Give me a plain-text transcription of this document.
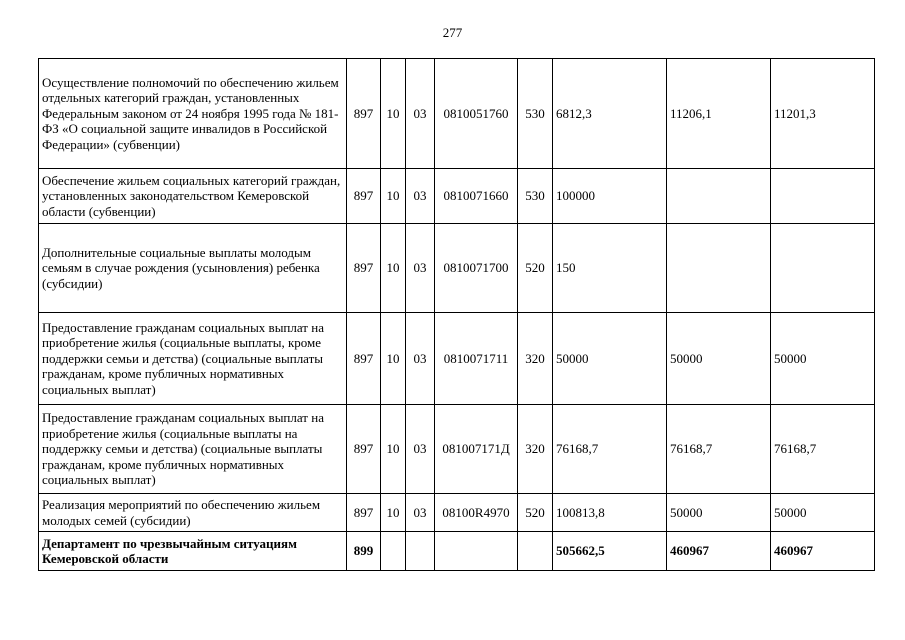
277
Осуществление полномочий по обеспечению жильем отдельных категорий граждан, установленных Федеральным законом от 24 ноября 1995 года № 181-ФЗ «О социальной защите инвалидов в Российской Федерации» (субвенции)	897	10	03	0810051760	530	6812,3	11206,1	11201,3
Обеспечение жильем социальных категорий граждан, установленных законодательством Кемеровской области (субвенции)	897	10	03	0810071660	530	100000		
Дополнительные социальные выплаты молодым семьям в случае рождения (усыновления) ребенка (субсидии)	897	10	03	0810071700	520	150		
Предоставление гражданам социальных выплат на приобретение жилья (социальные выплаты, кроме поддержки семьи и детства) (социальные выплаты гражданам, кроме публичных нормативных социальных выплат)	897	10	03	0810071711	320	50000	50000	50000
Предоставление гражданам социальных выплат на приобретение жилья (социальные выплаты на поддержку семьи и детства) (социальные выплаты гражданам, кроме публичных нормативных социальных выплат)	897	10	03	081007171Д	320	76168,7	76168,7	76168,7
Реализация мероприятий по обеспечению жильем молодых семей (субсидии)	897	10	03	08100R4970	520	100813,8	50000	50000
Департамент по чрезвычайным ситуациям Кемеровской области	899					505662,5	460967	460967
